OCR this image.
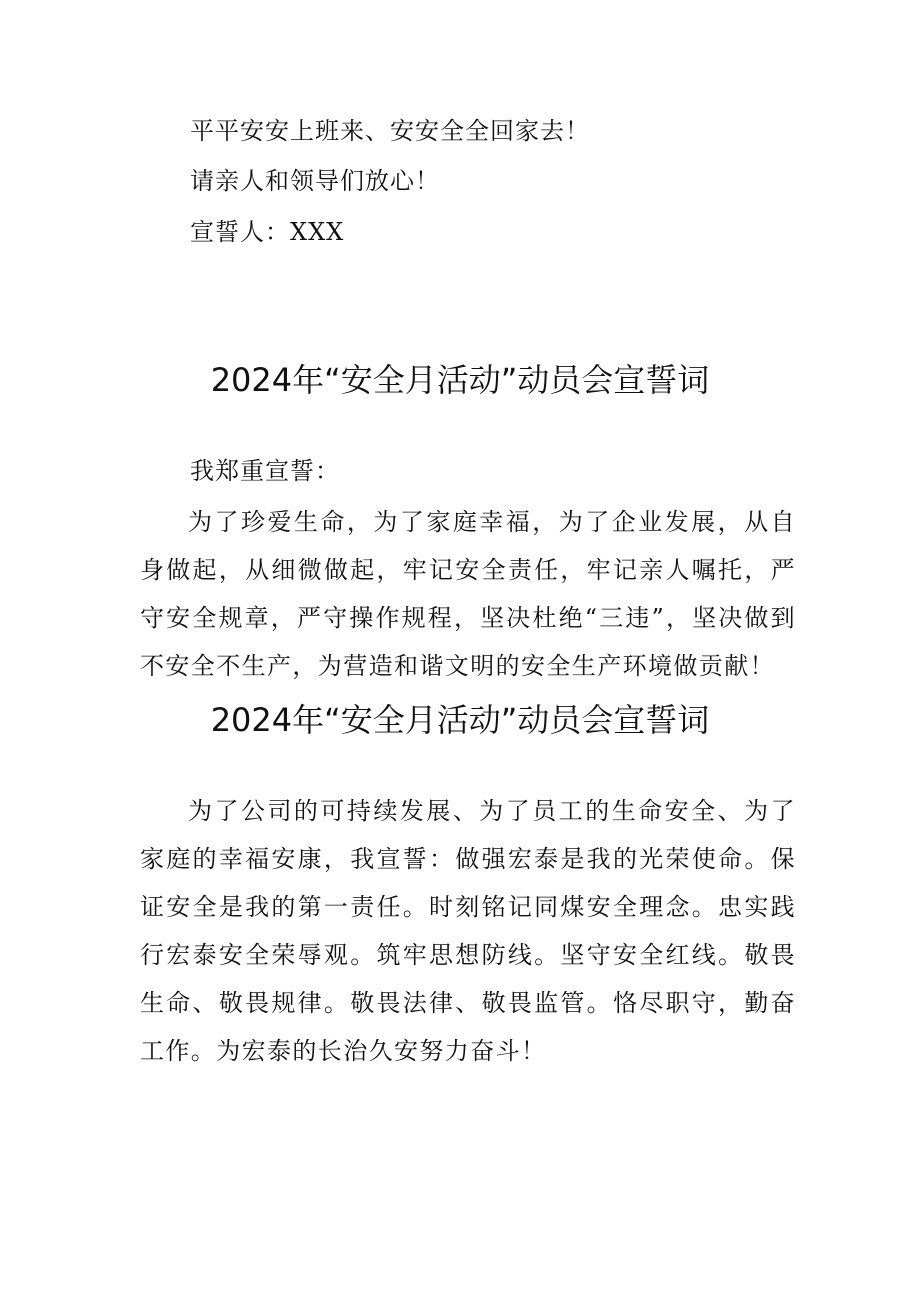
平平安安上班来、安安全全回家去！
请亲人和领导们放心！
宣誓人：XXX
2024年“安全月活动”动员会宣誓词
我郑重宣誓：
为了珍爱生命，为了家庭幸福，为了企业发展，从自身做起，从细微做起，牢记安全责任，牢记亲人嘱托，严守安全规章，严守操作规程，坚决杜绝“三违”，坚决做到不安全不生产，为营造和谐文明的安全生产环境做贡献！
2024年“安全月活动”动员会宣誓词
为了公司的可持续发展、为了员工的生命安全、为了家庭的幸福安康，我宣誓：做强宏泰是我的光荣使命。保证安全是我的第一责任。时刻铭记同煤安全理念。忠实践行宏泰安全荣辱观。筑牢思想防线。坚守安全红线。敬畏生命、敬畏规律。敬畏法律、敬畏监管。恪尽职守，勤奋工作。为宏泰的长治久安努力奋斗！
